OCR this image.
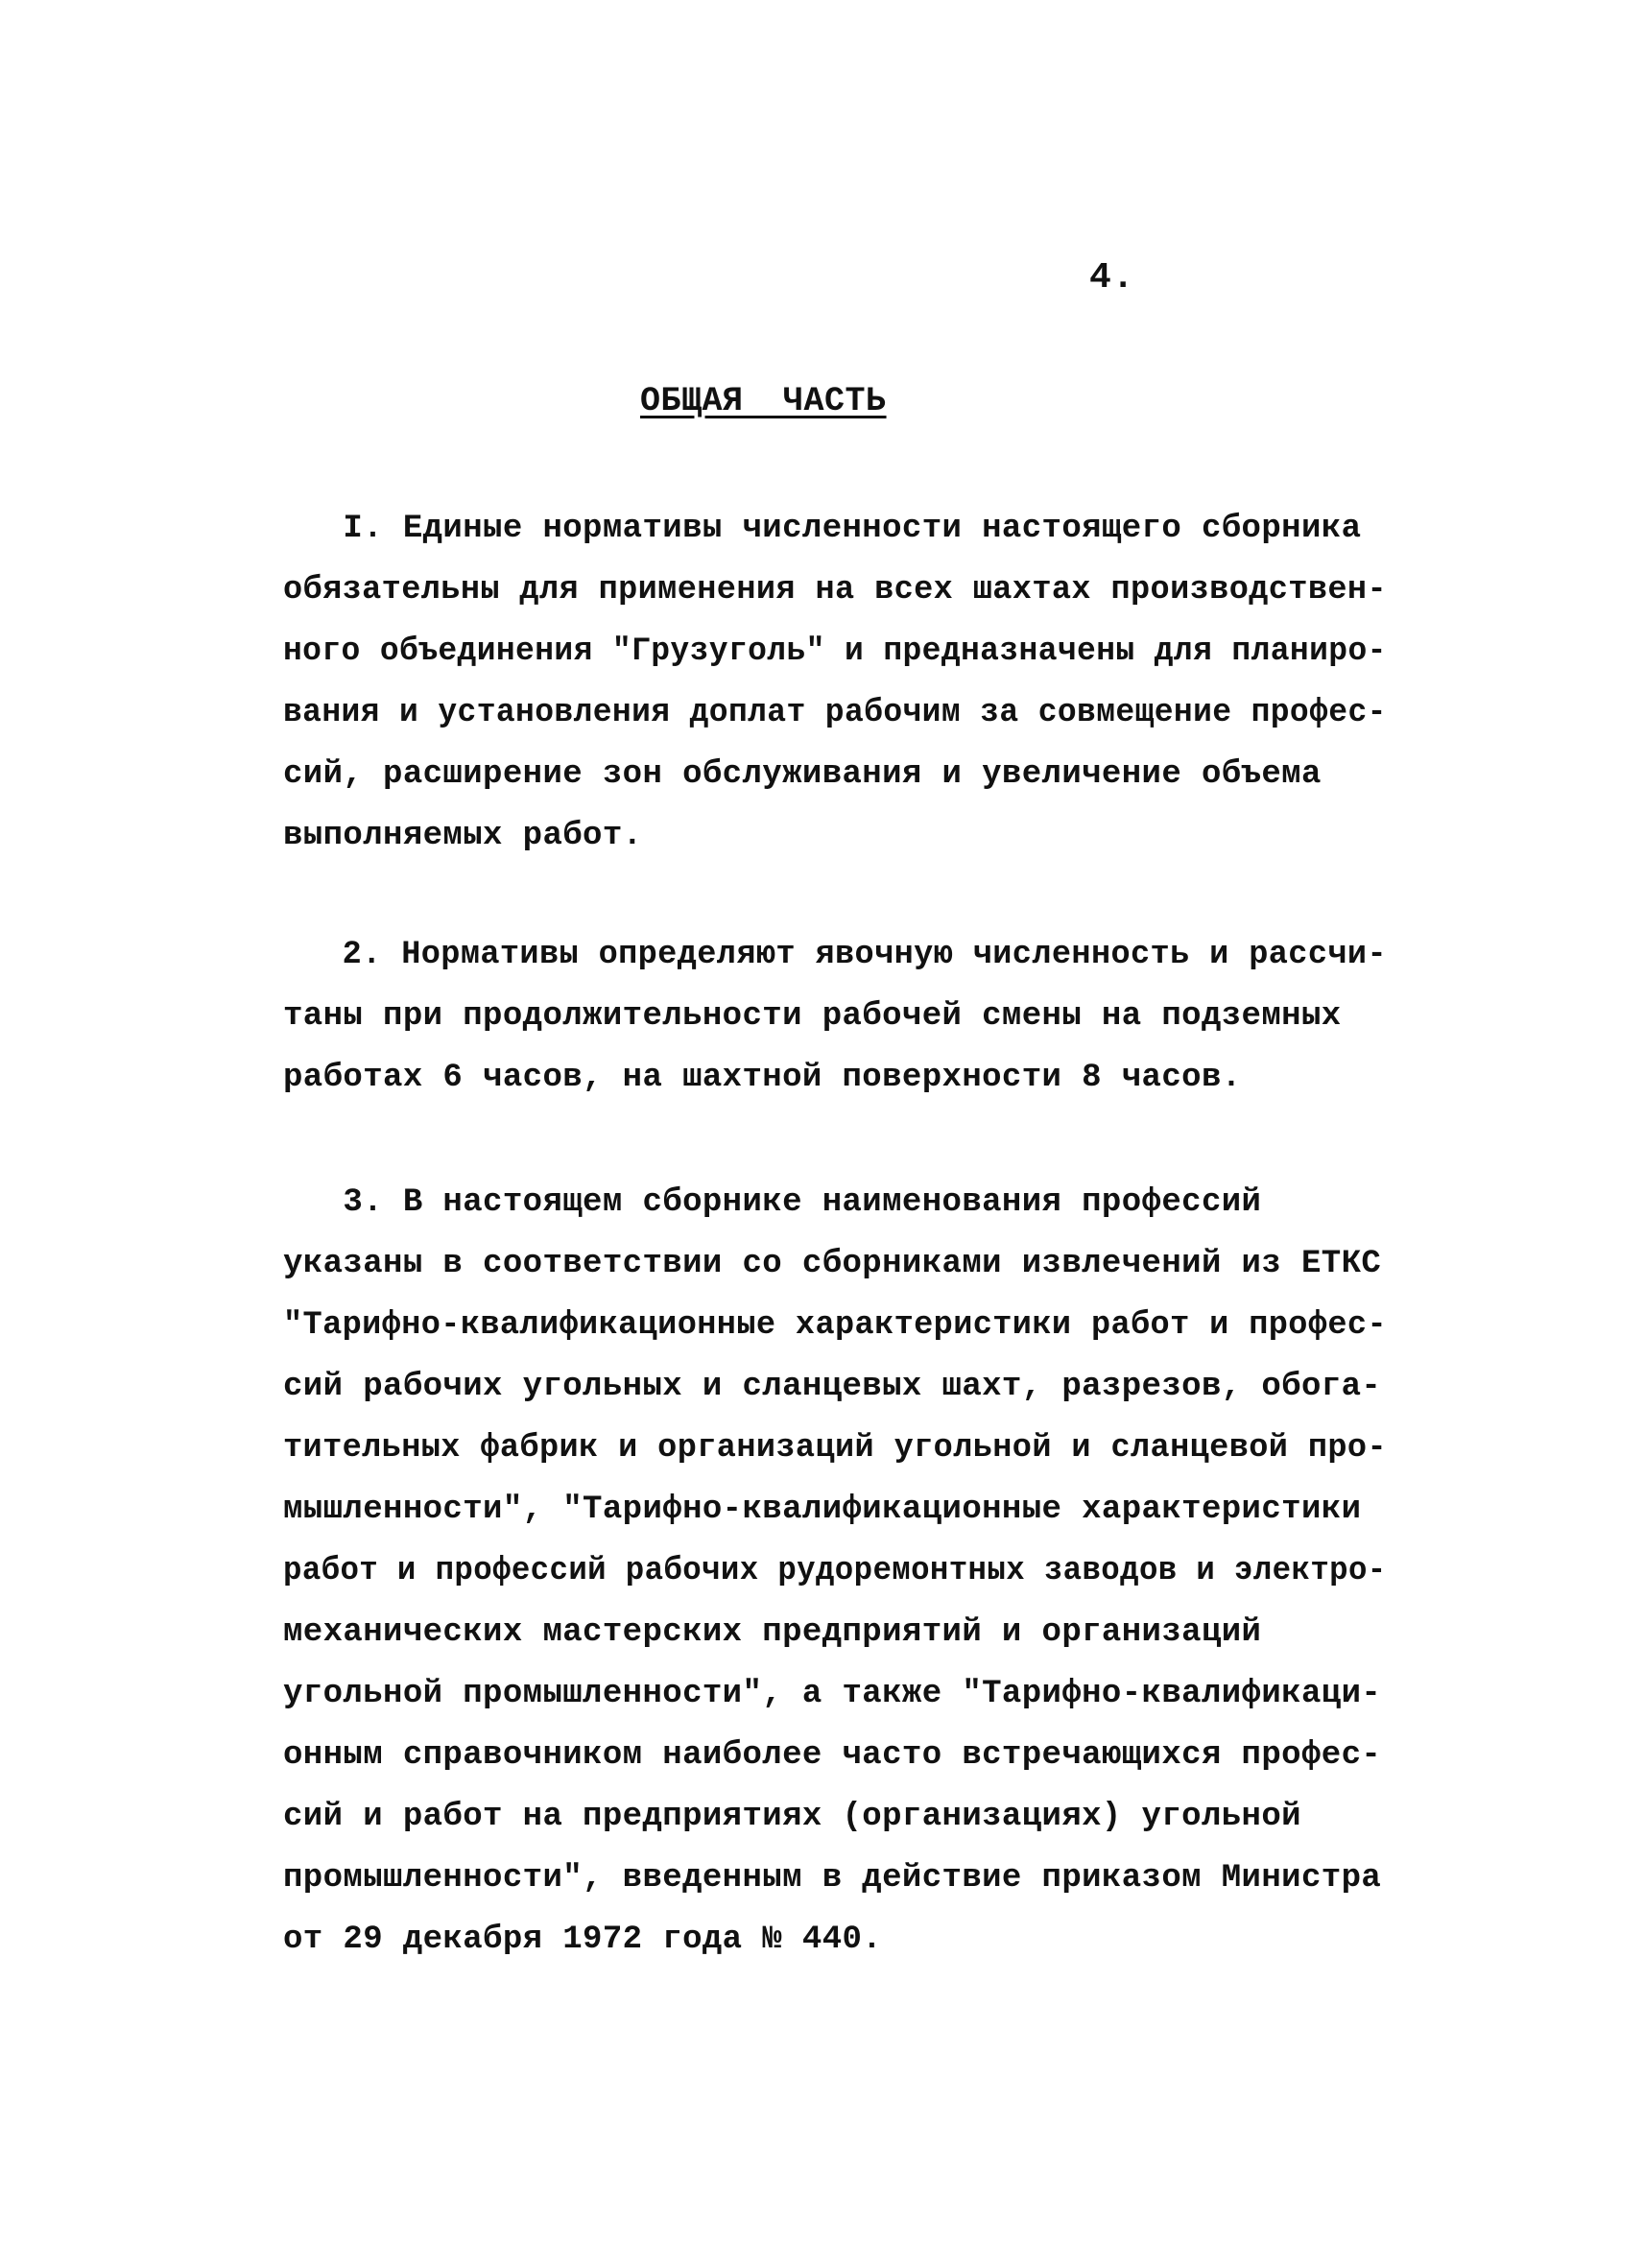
4.
ОБЩАЯ ЧАСТЬ
I. Единые нормативы численности настоящего сборника
обязательны для применения на всех шахтах производствен-
ного объединения "Грузуголь" и предназначены для планиро-
вания и установления доплат рабочим за совмещение профес-
сий, расширение зон обслуживания и увеличение объема
выполняемых работ.
2. Нормативы определяют явочную численность и рассчи-
таны при продолжительности рабочей смены на подземных
работах 6 часов, на шахтной поверхности 8 часов.
3. В настоящем сборнике наименования профессий
указаны в соответствии со сборниками извлечений из ЕТКС
"Тарифно-квалификационные характеристики работ и профес-
сий рабочих угольных и сланцевых шахт, разрезов, обога-
тительных фабрик и организаций угольной и сланцевой про-
мышленности", "Тарифно-квалификационные характеристики
работ и профессий рабочих рудоремонтных заводов и электро-
механических мастерских предприятий и организаций
угольной промышленности", а также "Тарифно-квалификаци-
онным справочником наиболее часто встречающихся профес-
сий и работ на предприятиях (организациях) угольной
промышленности", введенным в действие приказом Министра
от 29 декабря 1972 года № 440.
